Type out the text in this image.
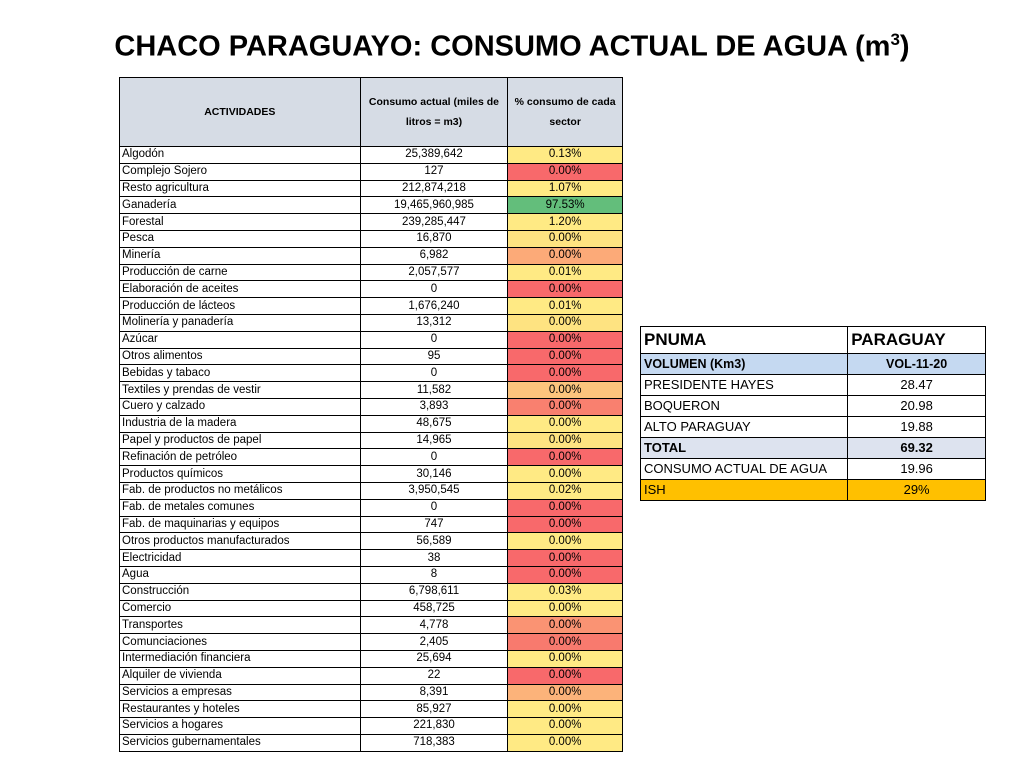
CHACO PARAGUAYO: CONSUMO ACTUAL DE AGUA $(m^3)$
ACTIVIDADES	Consumo actual (miles de litros = m3)	% consumo de cada sector
Algodón	25,389,642	0.13%
Complejo Sojero	127	0.00%
Resto agricultura	212,874,218	1.07%
Ganadería	19,465,960,985	97.53%
Forestal	239,285,447	1.20%
Pesca	16,870	0.00%
Minería	6,982	0.00%
Producción de carne	2,057,577	0.01%
Elaboración de aceites	0	0.00%
Producción de lácteos	1,676,240	0.01%
Molinería y panadería	13,312	0.00%
Azúcar	0	0.00%
Otros alimentos	95	0.00%
Bebidas y tabaco	0	0.00%
Textiles y prendas de vestir	11,582	0.00%
Cuero y calzado	3,893	0.00%
Industria de la madera	48,675	0.00%
Papel y productos de papel	14,965	0.00%
Refinación de petróleo	0	0.00%
Productos químicos	30,146	0.00%
Fab. de productos no metálicos	3,950,545	0.02%
Fab. de metales comunes	0	0.00%
Fab. de maquinarias y equipos	747	0.00%
Otros productos manufacturados	56,589	0.00%
Electricidad	38	0.00%
Agua	8	0.00%
Construcción	6,798,611	0.03%
Comercio	458,725	0.00%
Transportes	4,778	0.00%
Comunciaciones	2,405	0.00%
Intermediación financiera	25,694	0.00%
Alquiler de vivienda	22	0.00%
Servicios a empresas	8,391	0.00%
Restaurantes y hoteles	85,927	0.00%
Servicios a hogares	221,830	0.00%
Servicios gubernamentales	718,383	0.00%
PNUMA	PARAGUAY
VOLUMEN (Km3)	VOL-11-20
PRESIDENTE HAYES	28.47
BOQUERON	20.98
ALTO PARAGUAY	19.88
TOTAL	69.32
CONSUMO ACTUAL DE AGUA	19.96
ISH	29%
